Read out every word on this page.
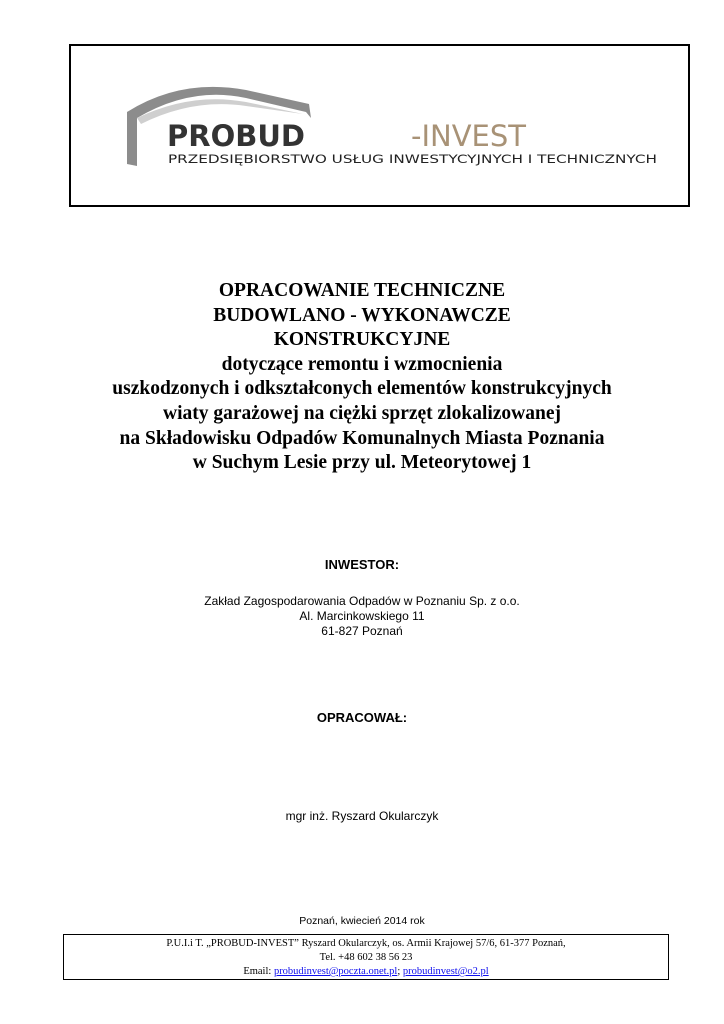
PROBUD	-INVEST
PRZEDSIĘBIORSTWO USŁUG INWESTYCYJNYCH I TECHNICZNYCH
OPRACOWANIE TECHNICZNE
BUDOWLANO - WYKONAWCZE
KONSTRUKCYJNE
dotyczące remontu i wzmocnienia
uszkodzonych i odkształconych elementów konstrukcyjnych
wiaty garażowej na ciężki sprzęt zlokalizowanej
na Składowisku Odpadów Komunalnych Miasta Poznania
w Suchym Lesie przy ul. Meteorytowej 1
INWESTOR:
Zakład Zagospodarowania Odpadów w Poznaniu Sp. z o.o.
Al. Marcinkowskiego 11
61-827 Poznań
OPRACOWAŁ:
mgr inż. Ryszard Okularczyk
Poznań, kwiecień 2014 rok
P.U.I.i T. „PROBUD-INVEST” Ryszard Okularczyk, os. Armii Krajowej 57/6, 61-377 Poznań,
Tel. +48 602 38 56 23
Email: probudinvest@poczta.onet.pl; probudinvest@o2.pl
